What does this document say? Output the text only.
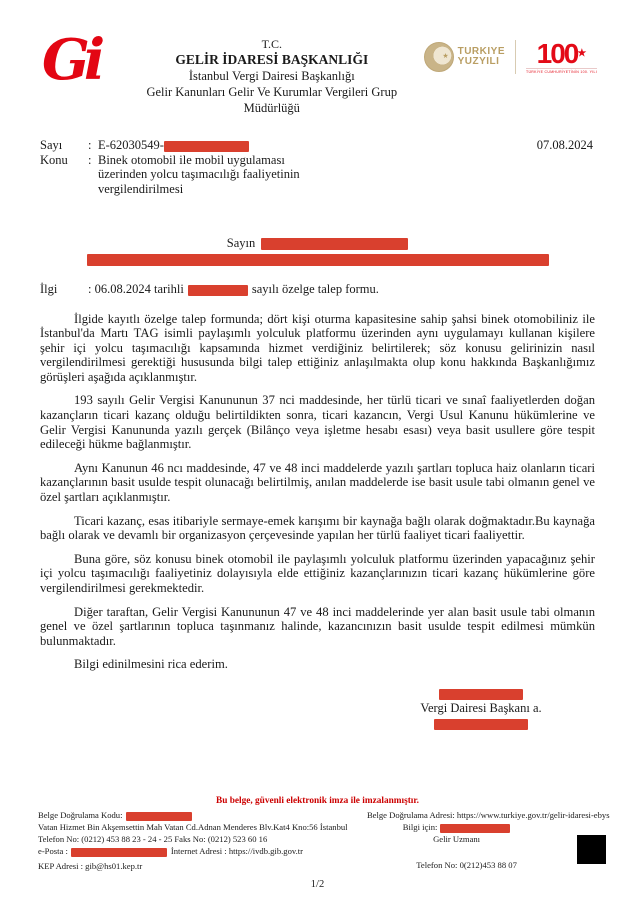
Gi	T.C.
GELİR İDARESİ BAŞKANLIĞI
İstanbul Vergi Dairesi Başkanlığı
Gelir Kanunları Gelir Ve Kurumlar Vergileri Grup Müdürlüğü
★
TURKIYE
YUZYILI	100★
TÜRKİYE CUMHURİYETİNİN 100. YILI
Sayı	: E-62030549-	07.08.2024
Konu	: Binek otomobil ile mobil uygulaması
üzerinden yolcu taşımacılığı faaliyetinin
vergilendirilmesi
Sayın
İlgi	: 06.08.2024 tarihli	sayılı özelge talep formu.

İlgide kayıtlı özelge talep formunda; dört kişi oturma kapasitesine sahip şahsi binek otomobiliniz ile İstanbul'da Martı TAG isimli paylaşımlı yolculuk platformu üzerinden aynı uygulamayı kullanan kişilere şehir içi yolcu taşımacılığı kapsamında hizmet verdiğiniz belirtilerek; söz konusu gelirinizin nasıl vergilendirilmesi gerektiği hususunda bilgi talep ettiğiniz anlaşılmakta olup konu hakkında Başkanlığımız görüşleri aşağıda açıklanmıştır.

193 sayılı Gelir Vergisi Kanununun 37 nci maddesinde, her türlü ticari ve sınaî faaliyetlerden doğan kazançların ticari kazanç olduğu belirtildikten sonra, ticari kazancın, Vergi Usul Kanunu hükümlerine ve Gelir Vergisi Kanununda yazılı gerçek (Bilânço veya işletme hesabı esası) veya basit usullere göre tespit edileceği hükme bağlanmıştır.

Aynı Kanunun 46 ncı maddesinde, 47 ve 48 inci maddelerde yazılı şartları topluca haiz olanların ticari kazançlarının basit usulde tespit olunacağı belirtilmiş, anılan maddelerde ise basit usule tabi olmanın genel ve özel şartları açıklanmıştır.

Ticari kazanç, esas itibariyle sermaye-emek karışımı bir kaynağa bağlı olarak doğmaktadır.Bu kaynağa bağlı olarak ve devamlı bir organizasyon çerçevesinde yapılan her türlü faaliyet ticari faaliyettir.

Buna göre, söz konusu binek otomobil ile paylaşımlı yolculuk platformu üzerinden yapacağınız şehir içi yolcu taşımacılığı faaliyetiniz dolayısıyla elde ettiğiniz kazançlarınızın ticari kazanç hükümlerine göre vergilendirilmesi gerekmektedir.

Diğer taraftan, Gelir Vergisi Kanununun 47 ve 48 inci maddelerinde yer alan basit usule tabi olmanın genel ve özel şartlarının topluca taşınmanız halinde, kazancınızın basit usulde tespit edilmesi mümkün bulunmaktadır.

Bilgi edinilmesini rica ederim.

Vergi Dairesi Başkanı a.
Bu belge, güvenli elektronik imza ile imzalanmıştır.
Belge Doğrulama Kodu:
Vatan Hizmet Bin Akşemsettin Mah Vatan Cd.Adnan Menderes Blv.Kat4 Kno:56 İstanbul
Telefon No: (0212) 453 88 23 - 24 - 25 Faks No: (0212) 523 60 16
e-Posta :	İnternet Adresi : https://ivdb.gib.gov.tr
KEP Adresi : gib@hs01.kep.tr
Belge Doğrulama Adresi: https://www.turkiye.gov.tr/gelir-idaresi-ebys
Bilgi için:
Gelir Uzmanı
Telefon No: 0(212)453 88 07
1/2
